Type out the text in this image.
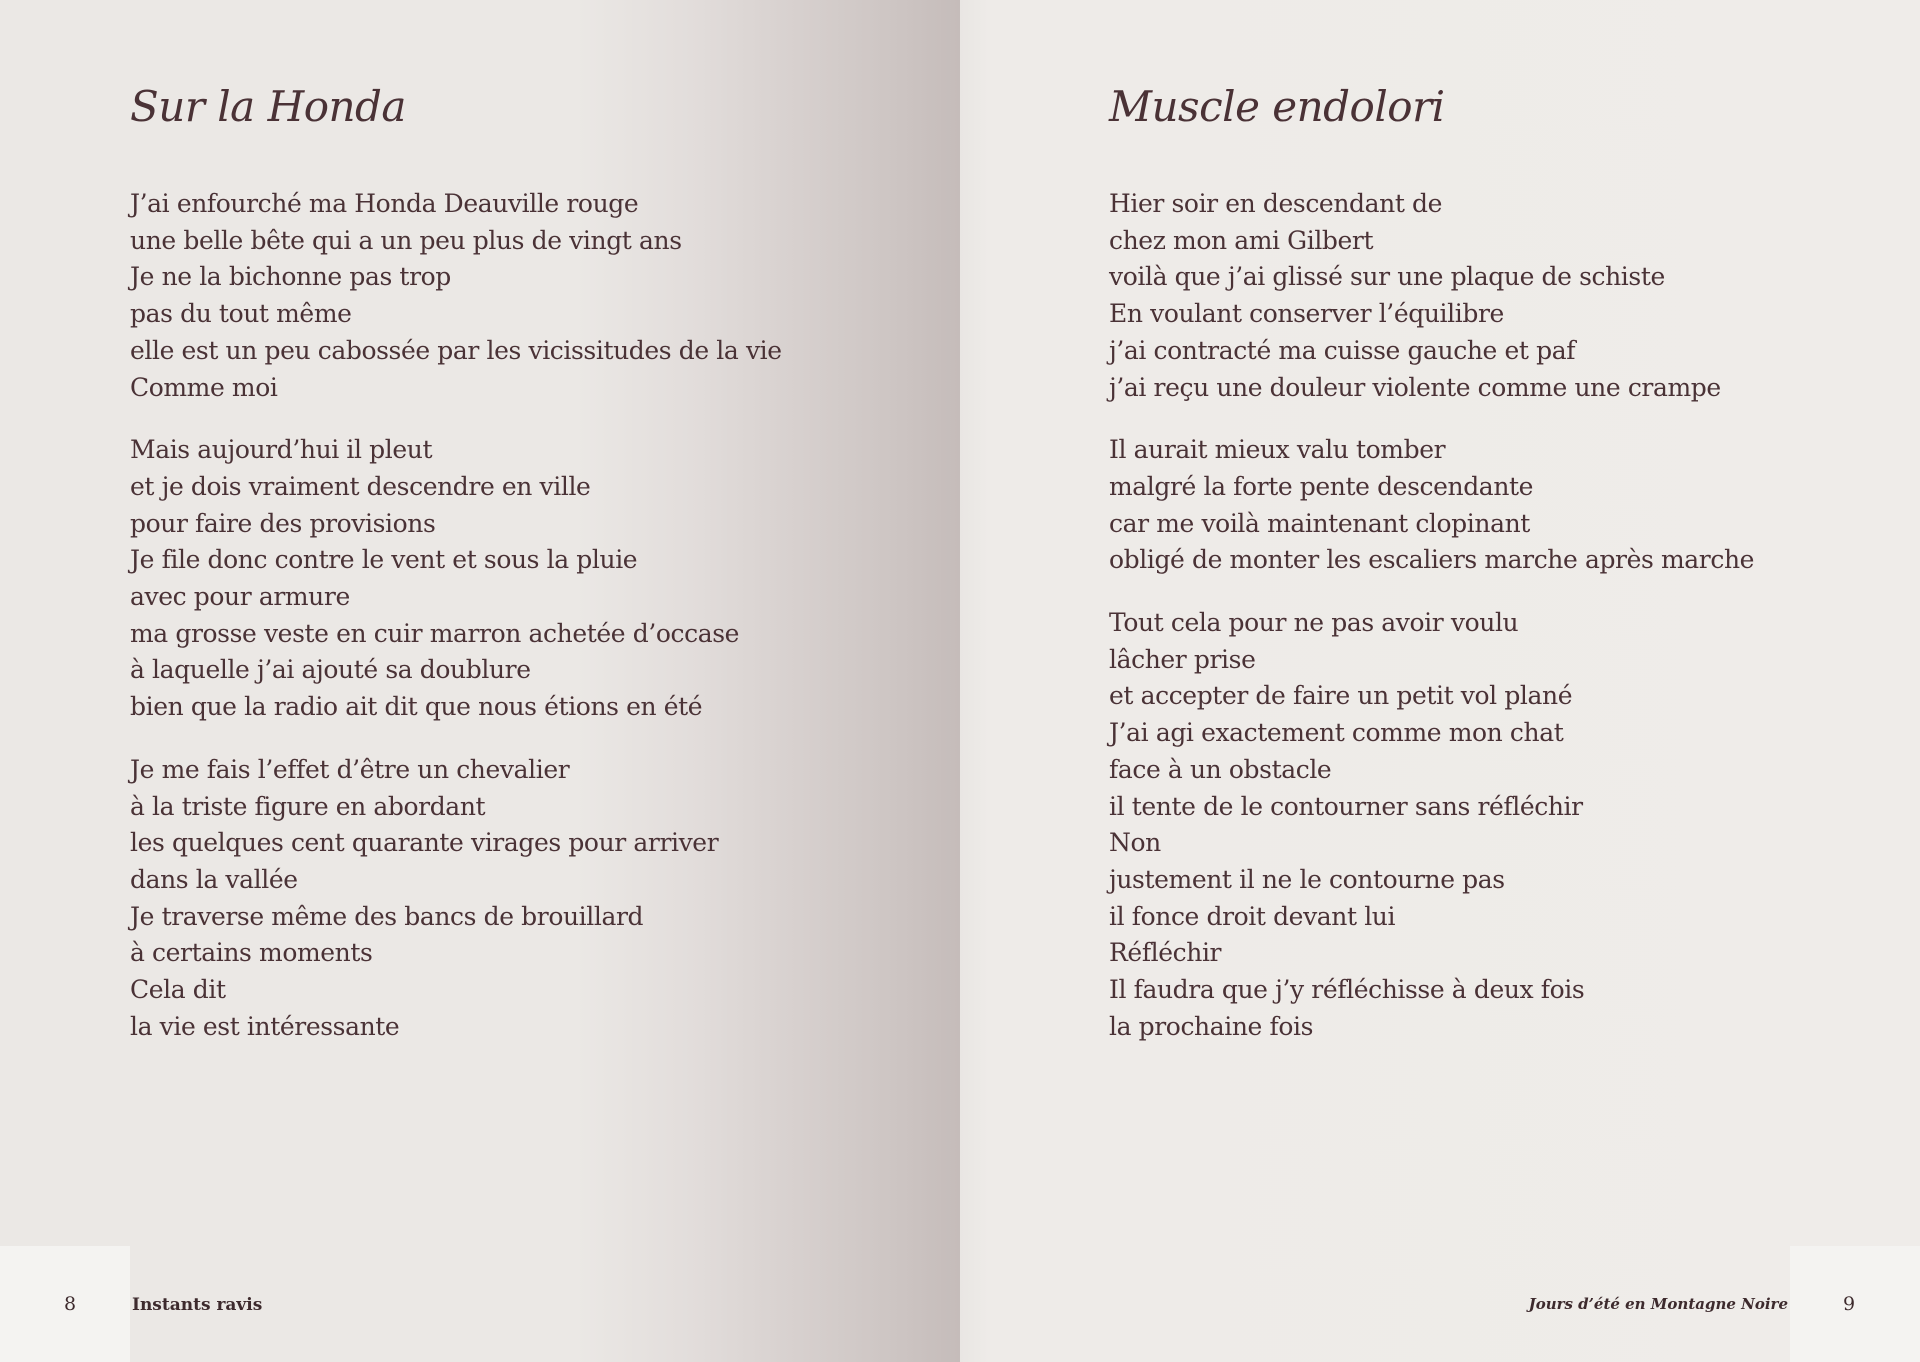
Sur la Honda
J’ai enfourché ma Honda Deauville rouge
une belle bête qui a un peu plus de vingt ans
Je ne la bichonne pas trop
pas du tout même
elle est un peu cabossée par les vicissitudes de la vie
Comme moi
Mais aujourd’hui il pleut
et je dois vraiment descendre en ville
pour faire des provisions
Je file donc contre le vent et sous la pluie
avec pour armure
ma grosse veste en cuir marron achetée d’occase
à laquelle j’ai ajouté sa doublure
bien que la radio ait dit que nous étions en été
Je me fais l’effet d’être un chevalier
à la triste figure en abordant
les quelques cent quarante virages pour arriver
dans la vallée
Je traverse même des bancs de brouillard
à certains moments
Cela dit
la vie est intéressante
Muscle endolori
Hier soir en descendant de
chez mon ami Gilbert
voilà que j’ai glissé sur une plaque de schiste
En voulant conserver l’équilibre
j’ai contracté ma cuisse gauche et paf
j’ai reçu une douleur violente comme une crampe
Il aurait mieux valu tomber
malgré la forte pente descendante
car me voilà maintenant clopinant
obligé de monter les escaliers marche après marche
Tout cela pour ne pas avoir voulu
lâcher prise
et accepter de faire un petit vol plané
J’ai agi exactement comme mon chat
face à un obstacle
il tente de le contourner sans réfléchir
Non
justement il ne le contourne pas
il fonce droit devant lui
Réfléchir
Il faudra que j’y réfléchisse à deux fois
la prochaine fois
8	Instants ravis	Jours d’été en Montagne Noire	9
